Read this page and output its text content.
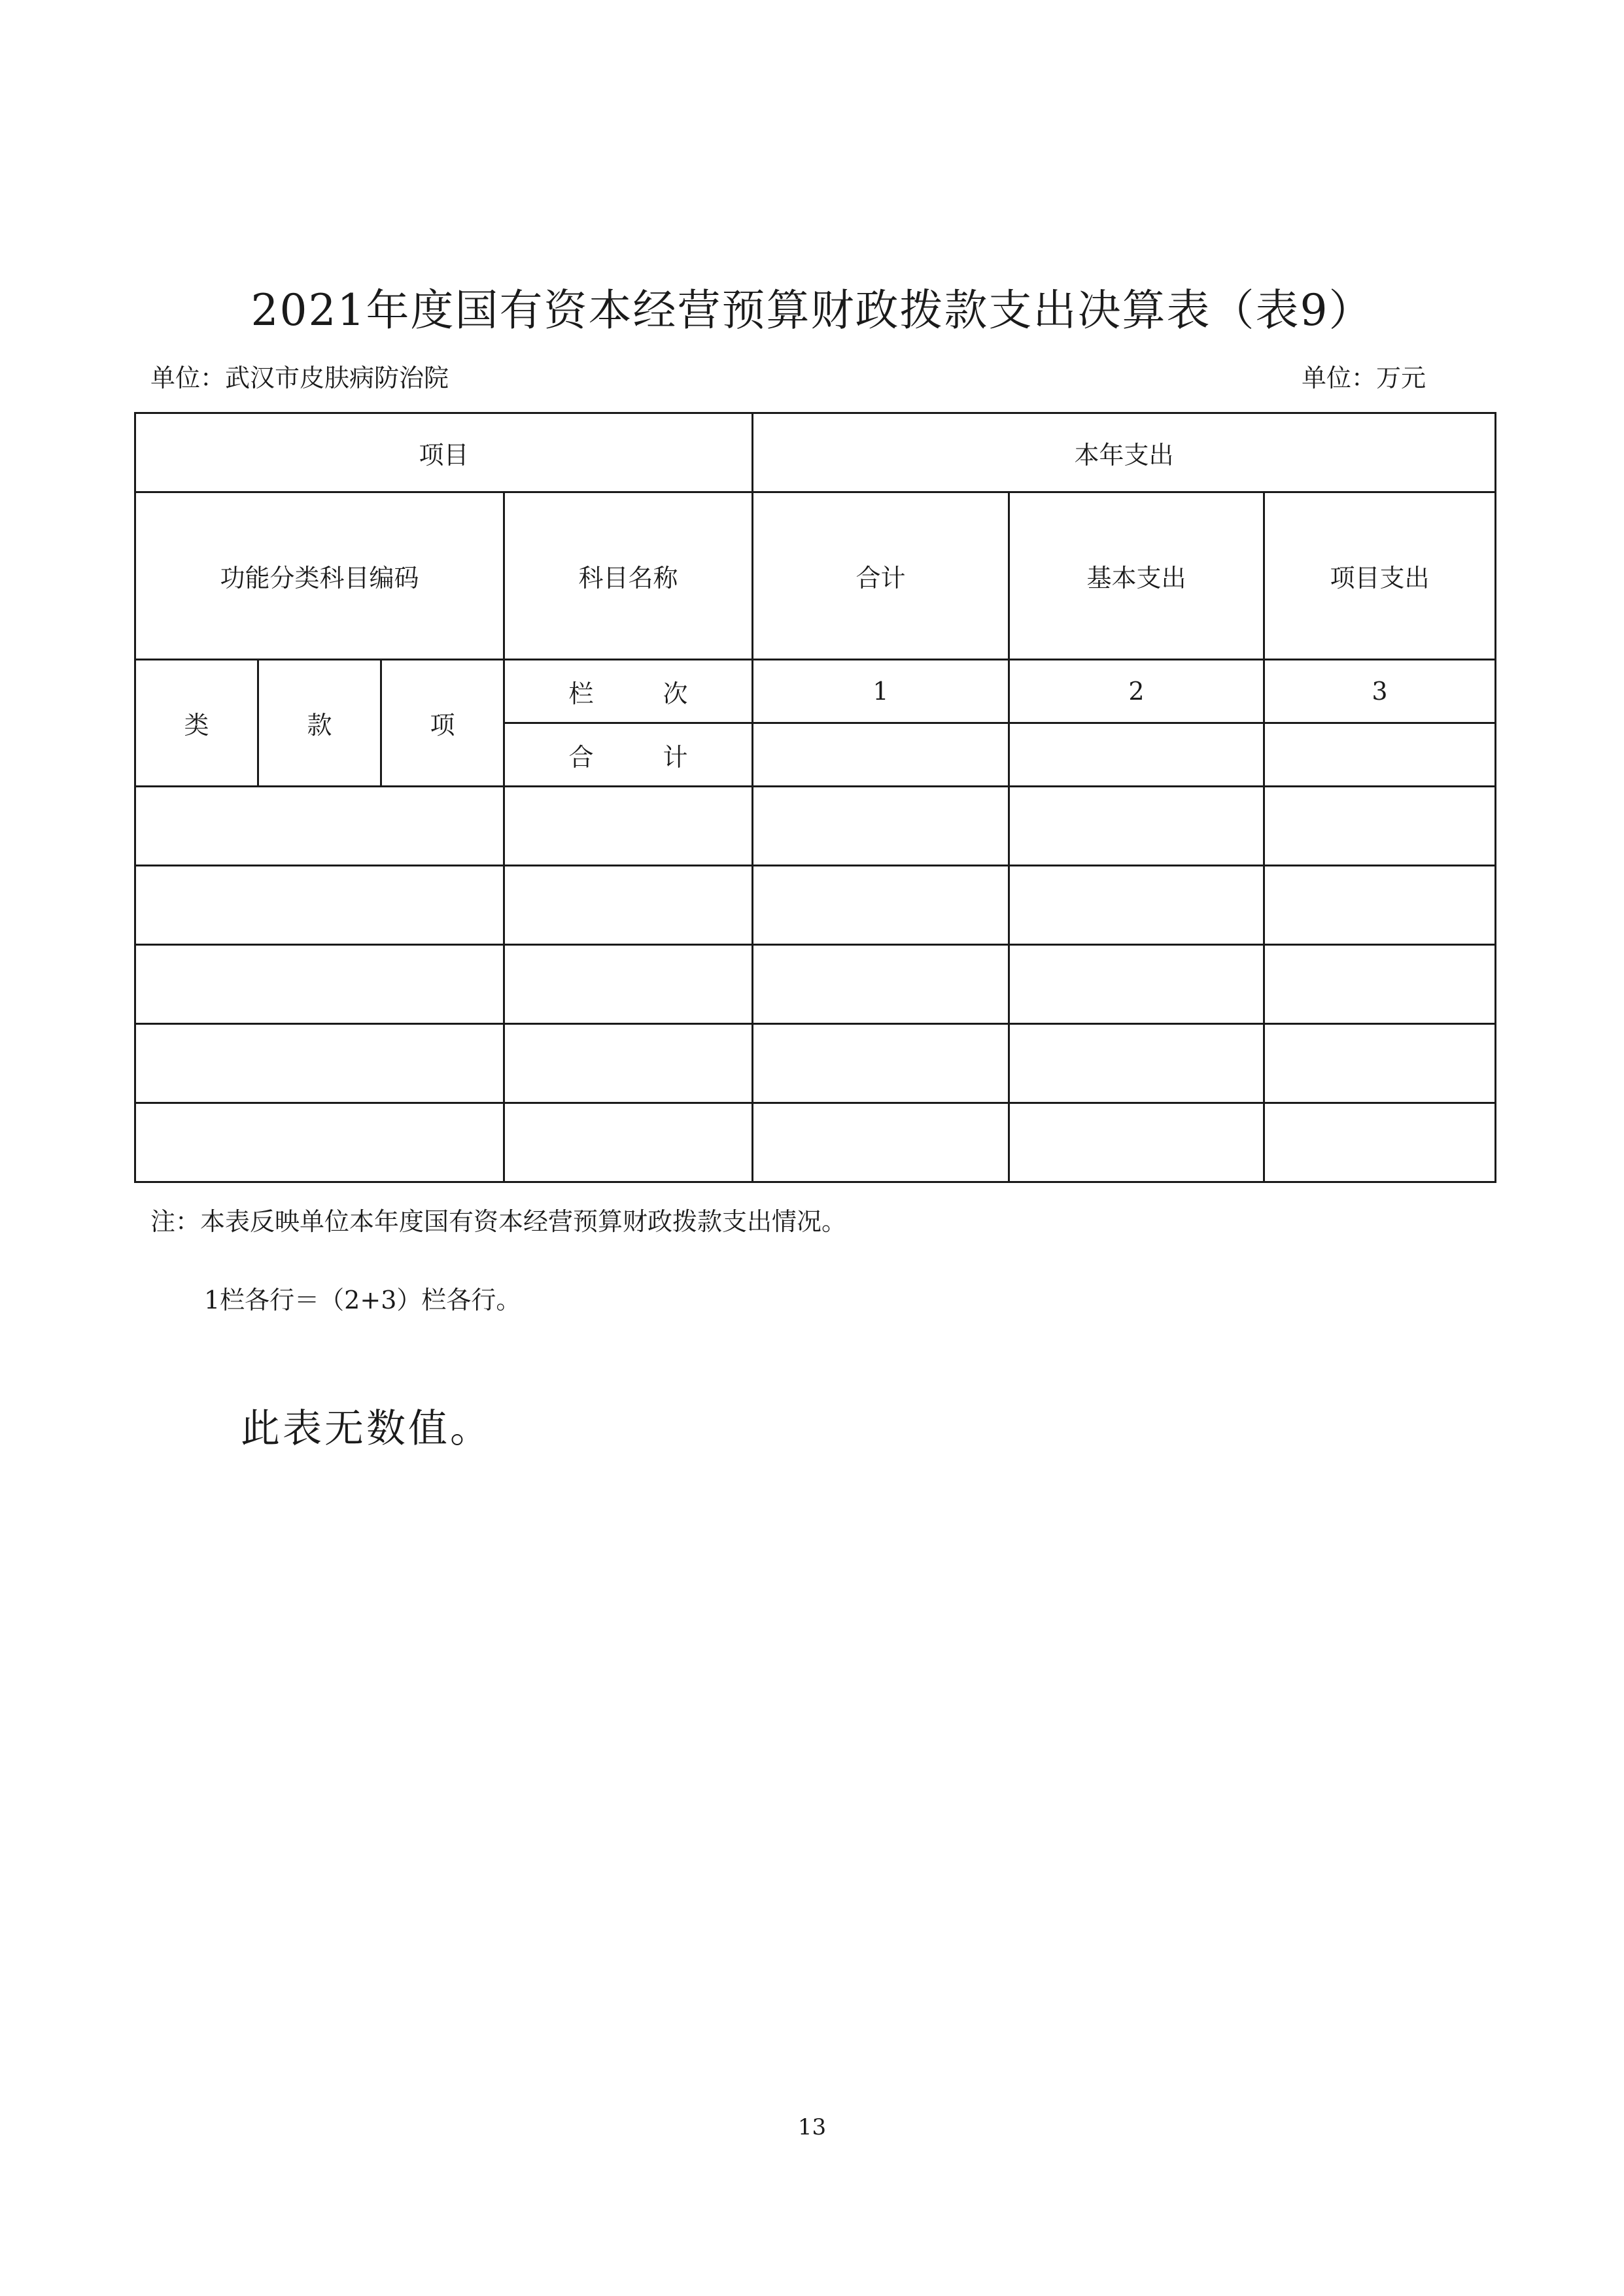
2021年度国有资本经营预算财政拨款支出决算表（表9）
单位：武汉市皮肤病防治院	单位：万元
项目				本年支出		
功能分类科目编码			科目名称	合计	基本支出	项目支出
类	款	项	栏 次	1	2	3
			合 计			

注：本表反映单位本年度国有资本经营预算财政拨款支出情况。
1栏各行＝（2+3）栏各行。
此表无数值。
13
